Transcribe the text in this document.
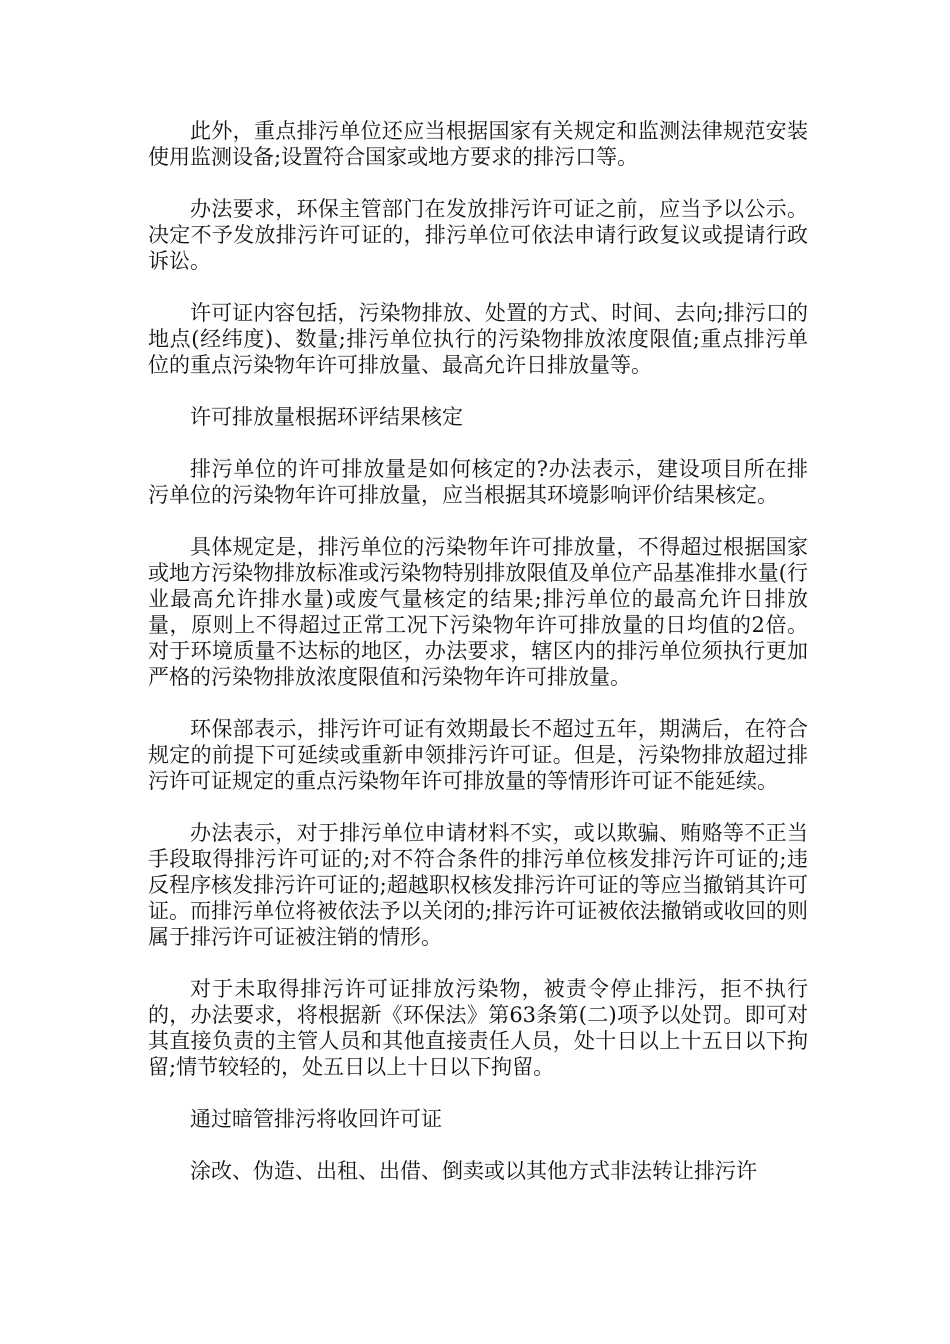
此外，重点排污单位还应当根据国家有关规定和监测法律规范安装使用监测设备;设置符合国家或地方要求的排污口等。

办法要求，环保主管部门在发放排污许可证之前，应当予以公示。决定不予发放排污许可证的，排污单位可依法申请行政复议或提请行政诉讼。

许可证内容包括，污染物排放、处置的方式、时间、去向;排污口的地点(经纬度)、数量;排污单位执行的污染物排放浓度限值;重点排污单位的重点污染物年许可排放量、最高允许日排放量等。

许可排放量根据环评结果核定

排污单位的许可排放量是如何核定的?办法表示，建设项目所在排污单位的污染物年许可排放量，应当根据其环境影响评价结果核定。

具体规定是，排污单位的污染物年许可排放量，不得超过根据国家或地方污染物排放标准或污染物特别排放限值及单位产品基准排水量(行业最高允许排水量)或废气量核定的结果;排污单位的最高允许日排放量，原则上不得超过正常工况下污染物年许可排放量的日均值的2倍。对于环境质量不达标的地区，办法要求，辖区内的排污单位须执行更加严格的污染物排放浓度限值和污染物年许可排放量。

环保部表示，排污许可证有效期最长不超过五年，期满后，在符合规定的前提下可延续或重新申领排污许可证。但是，污染物排放超过排污许可证规定的重点污染物年许可排放量的等情形许可证不能延续。

办法表示，对于排污单位申请材料不实，或以欺骗、贿赂等不正当手段取得排污许可证的;对不符合条件的排污单位核发排污许可证的;违反程序核发排污许可证的;超越职权核发排污许可证的等应当撤销其许可证。而排污单位将被依法予以关闭的;排污许可证被依法撤销或收回的则属于排污许可证被注销的情形。

对于未取得排污许可证排放污染物，被责令停止排污，拒不执行的，办法要求，将根据新《环保法》第63条第(二)项予以处罚。即可对其直接负责的主管人员和其他直接责任人员，处十日以上十五日以下拘留;情节较轻的，处五日以上十日以下拘留。

通过暗管排污将收回许可证

涂改、伪造、出租、出借、倒卖或以其他方式非法转让排污许
